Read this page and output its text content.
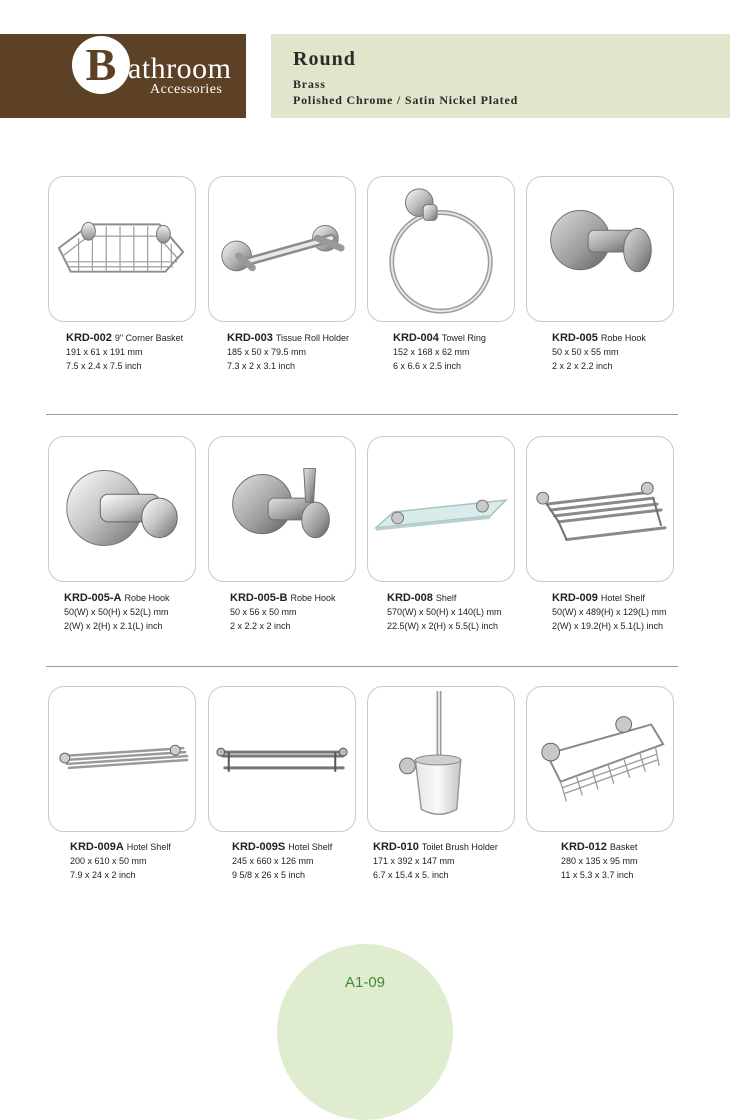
B athroom
Accessories
Round
Brass
Polished Chrome / Satin Nickel Plated
KRD-002 9" Corner Basket
191 x 61 x 191 mm
7.5 x 2.4 x 7.5 inch
KRD-003 Tissue Roll Holder
185 x 50 x 79.5 mm
7.3 x 2 x 3.1 inch
KRD-004 Towel Ring
152 x 168 x 62 mm
6 x 6.6 x 2.5 inch
KRD-005 Robe Hook
50 x 50 x 55 mm
2 x 2 x 2.2 inch
KRD-005-A Robe Hook
50(W) x 50(H) x 52(L) mm
2(W) x 2(H) x 2.1(L) inch
KRD-005-B Robe Hook
50 x 56 x 50 mm
2 x 2.2 x 2 inch
KRD-008 Shelf
570(W) x 50(H) x 140(L) mm
22.5(W) x 2(H) x 5.5(L) inch
KRD-009 Hotel Shelf
50(W) x 489(H) x 129(L) mm
2(W) x 19.2(H) x 5.1(L) inch
KRD-009A Hotel Shelf
200 x 610 x 50 mm
7.9 x 24 x 2 inch
KRD-009S Hotel Shelf
245 x 660 x 126 mm
9 5/8 x 26 x 5 inch
KRD-010 Toilet Brush Holder
171 x 392 x 147 mm
6.7 x 15.4 x 5. inch
KRD-012 Basket
280 x 135 x 95 mm
11 x 5.3 x 3.7 inch
A1-09
